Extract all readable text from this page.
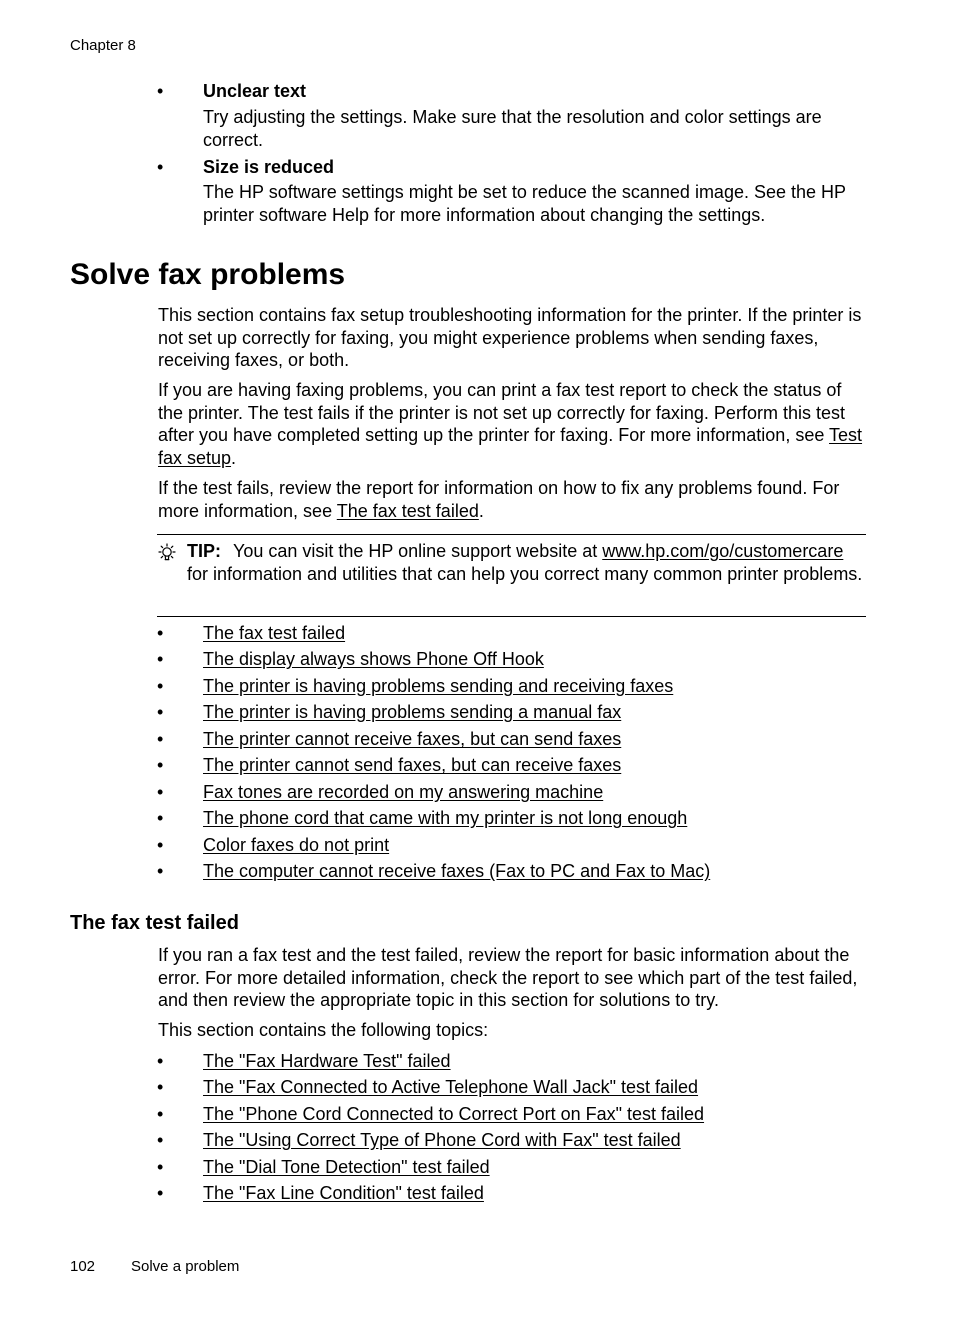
Chapter 8
• Unclear text
Try adjusting the settings. Make sure that the resolution and color settings are correct.
• Size is reduced
The HP software settings might be set to reduce the scanned image. See the HP printer software Help for more information about changing the settings.
Solve fax problems

This section contains fax setup troubleshooting information for the printer. If the printer is not set up correctly for faxing, you might experience problems when sending faxes, receiving faxes, or both.

If you are having faxing problems, you can print a fax test report to check the status of the printer. The test fails if the printer is not set up correctly for faxing. Perform this test after you have completed setting up the printer for faxing. For more information, see Test fax setup.

If the test fails, review the report for information on how to fix any problems found. For more information, see The fax test failed.

TIP: You can visit the HP online support website at www.hp.com/go/customercare for information and utilities that can help you correct many common printer problems.
• The fax test failed
• The display always shows Phone Off Hook
• The printer is having problems sending and receiving faxes
• The printer is having problems sending a manual fax
• The printer cannot receive faxes, but can send faxes
• The printer cannot send faxes, but can receive faxes
• Fax tones are recorded on my answering machine
• The phone cord that came with my printer is not long enough
• Color faxes do not print
• The computer cannot receive faxes (Fax to PC and Fax to Mac)
The fax test failed

If you ran a fax test and the test failed, review the report for basic information about the error. For more detailed information, check the report to see which part of the test failed, and then review the appropriate topic in this section for solutions to try.

This section contains the following topics:

• The "Fax Hardware Test" failed
• The "Fax Connected to Active Telephone Wall Jack" test failed
• The "Phone Cord Connected to Correct Port on Fax" test failed
• The "Using Correct Type of Phone Cord with Fax" test failed
• The "Dial Tone Detection" test failed
• The "Fax Line Condition" test failed
102 Solve a problem
